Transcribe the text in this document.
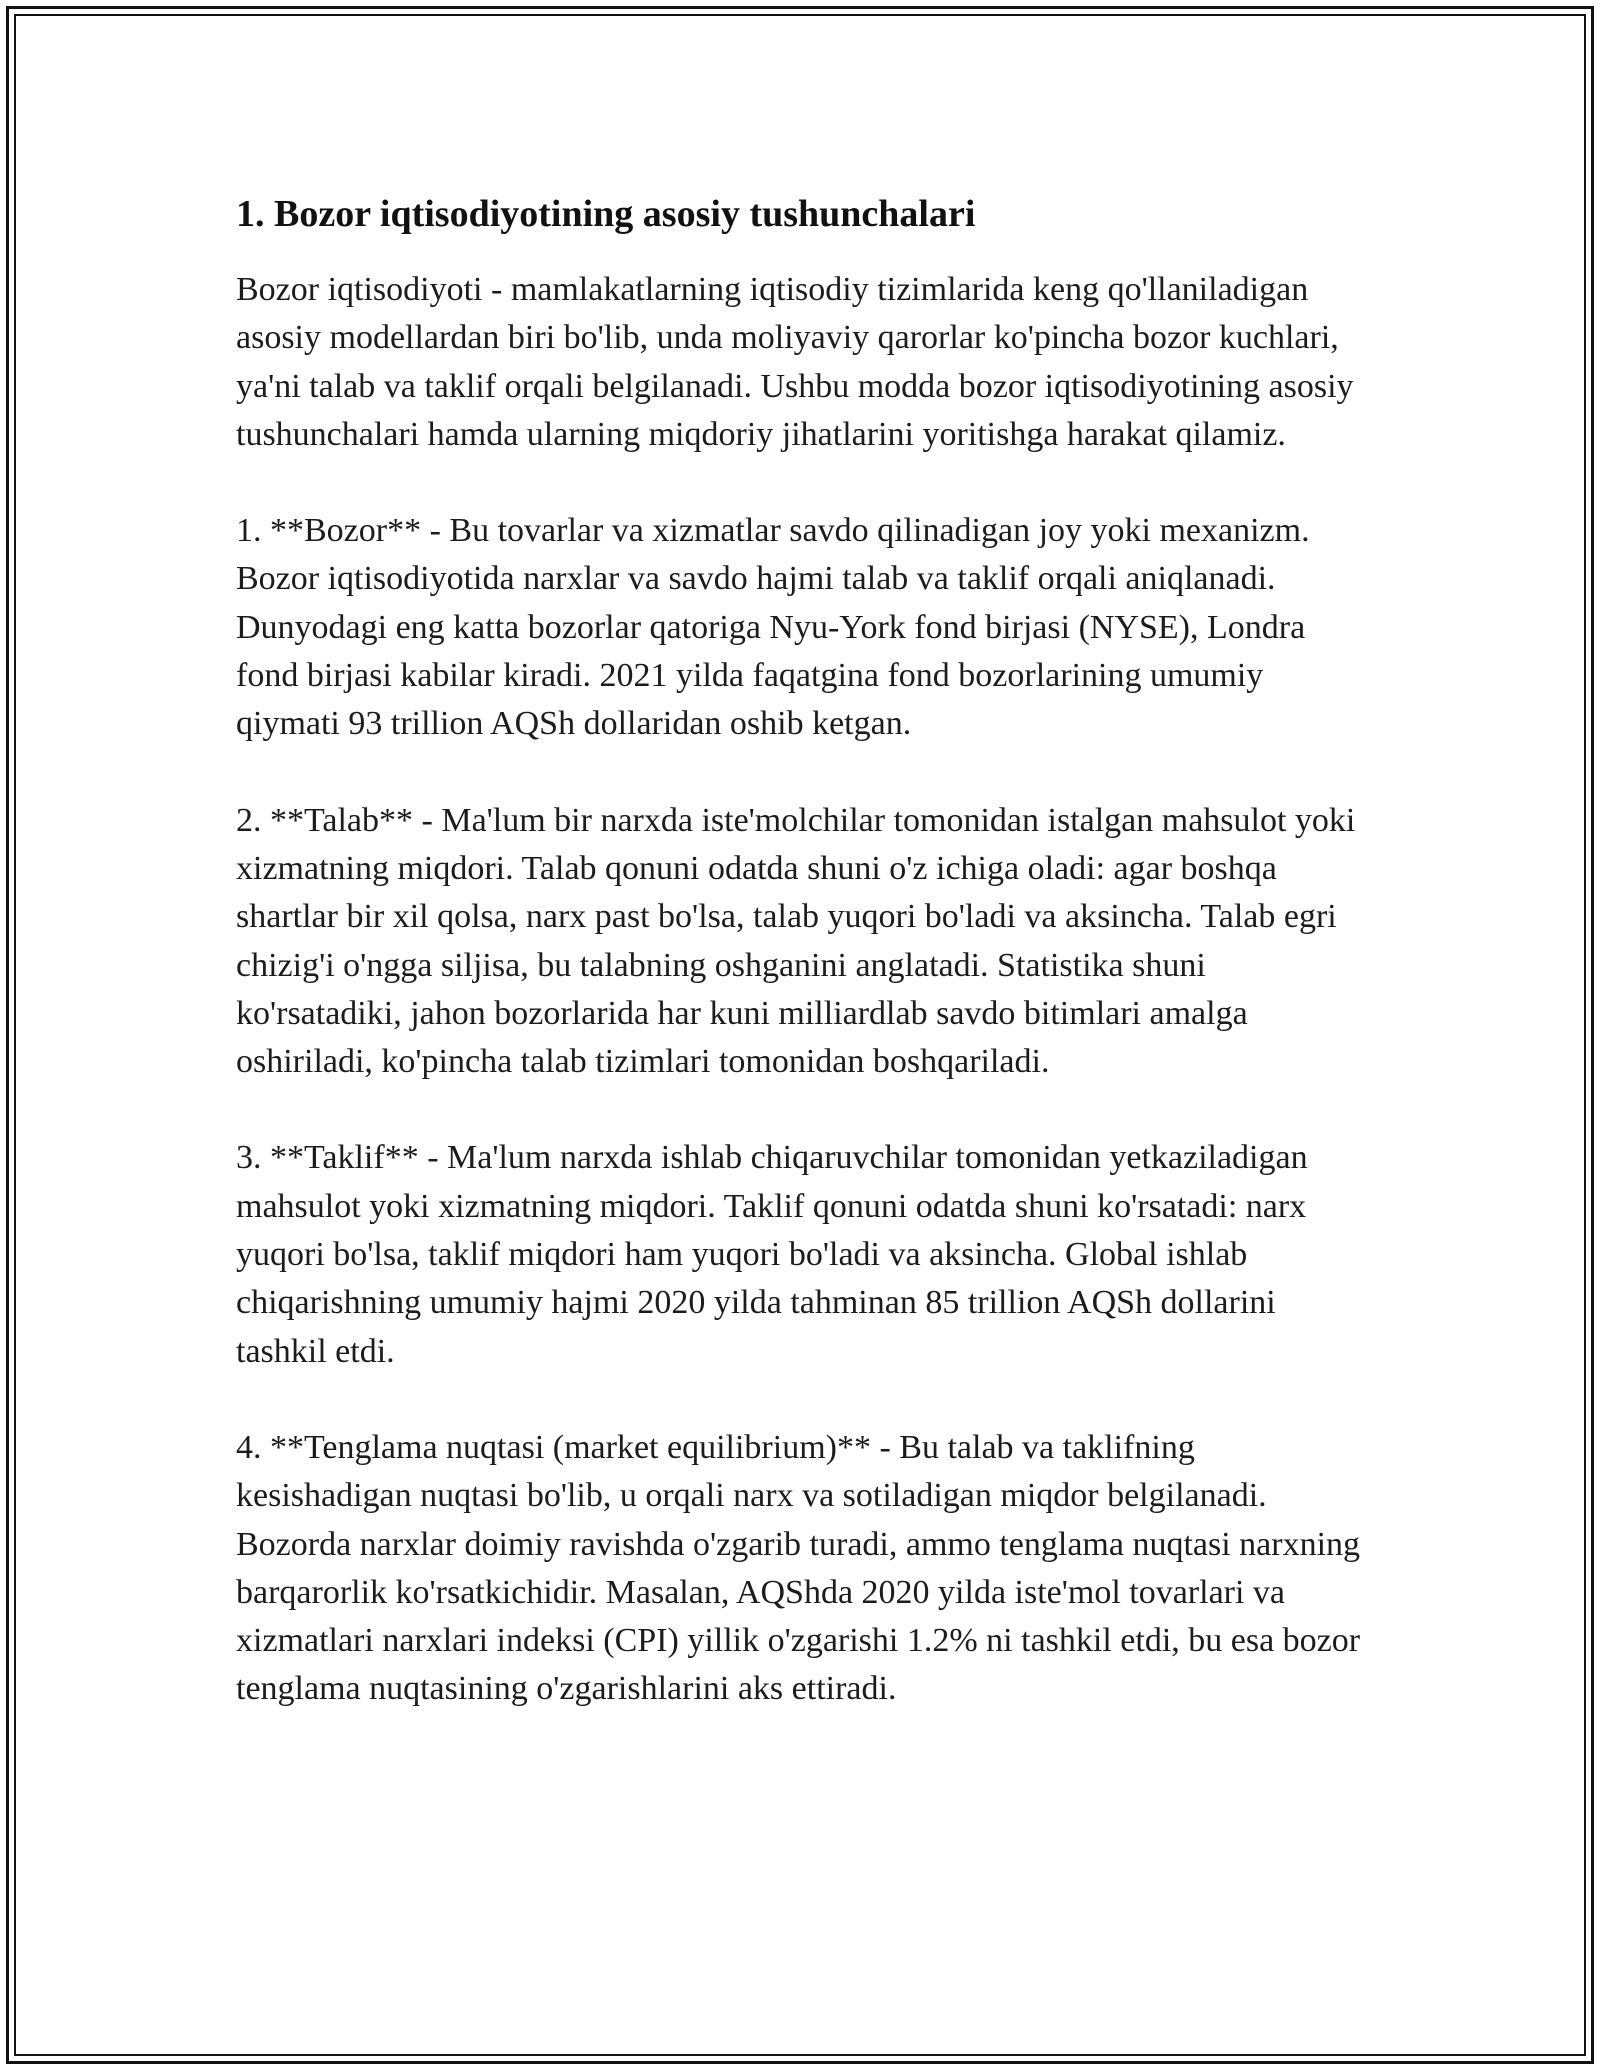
1. Bozor iqtisodiyotining asosiy tushunchalari

Bozor iqtisodiyoti - mamlakatlarning iqtisodiy tizimlarida keng qo'llaniladigan asosiy modellardan biri bo'lib, unda moliyaviy qarorlar ko'pincha bozor kuchlari, ya'ni talab va taklif orqali belgilanadi. Ushbu modda bozor iqtisodiyotining asosiy tushunchalari hamda ularning miqdoriy jihatlarini yoritishga harakat qilamiz.

1. **Bozor** - Bu tovarlar va xizmatlar savdo qilinadigan joy yoki mexanizm. Bozor iqtisodiyotida narxlar va savdo hajmi talab va taklif orqali aniqlanadi. Dunyodagi eng katta bozorlar qatoriga Nyu-York fond birjasi (NYSE), Londra fond birjasi kabilar kiradi. 2021 yilda faqatgina fond bozorlarining umumiy qiymati 93 trillion AQSh dollaridan oshib ketgan.

2. **Talab** - Ma'lum bir narxda iste'molchilar tomonidan istalgan mahsulot yoki xizmatning miqdori. Talab qonuni odatda shuni o'z ichiga oladi: agar boshqa shartlar bir xil qolsa, narx past bo'lsa, talab yuqori bo'ladi va aksincha. Talab egri chizig'i o'ngga siljisa, bu talabning oshganini anglatadi. Statistika shuni ko'rsatadiki, jahon bozorlarida har kuni milliardlab savdo bitimlari amalga oshiriladi, ko'pincha talab tizimlari tomonidan boshqariladi.

3. **Taklif** - Ma'lum narxda ishlab chiqaruvchilar tomonidan yetkaziladigan mahsulot yoki xizmatning miqdori. Taklif qonuni odatda shuni ko'rsatadi: narx yuqori bo'lsa, taklif miqdori ham yuqori bo'ladi va aksincha. Global ishlab chiqarishning umumiy hajmi 2020 yilda tahminan 85 trillion AQSh dollarini tashkil etdi.

4. **Tenglama nuqtasi (market equilibrium)** - Bu talab va taklifning kesishadigan nuqtasi bo'lib, u orqali narx va sotiladigan miqdor belgilanadi. Bozorda narxlar doimiy ravishda o'zgarib turadi, ammo tenglama nuqtasi narxning barqarorlik ko'rsatkichidir. Masalan, AQShda 2020 yilda iste'mol tovarlari va xizmatlari narxlari indeksi (CPI) yillik o'zgarishi 1.2% ni tashkil etdi, bu esa bozor tenglama nuqtasining o'zgarishlarini aks ettiradi.
